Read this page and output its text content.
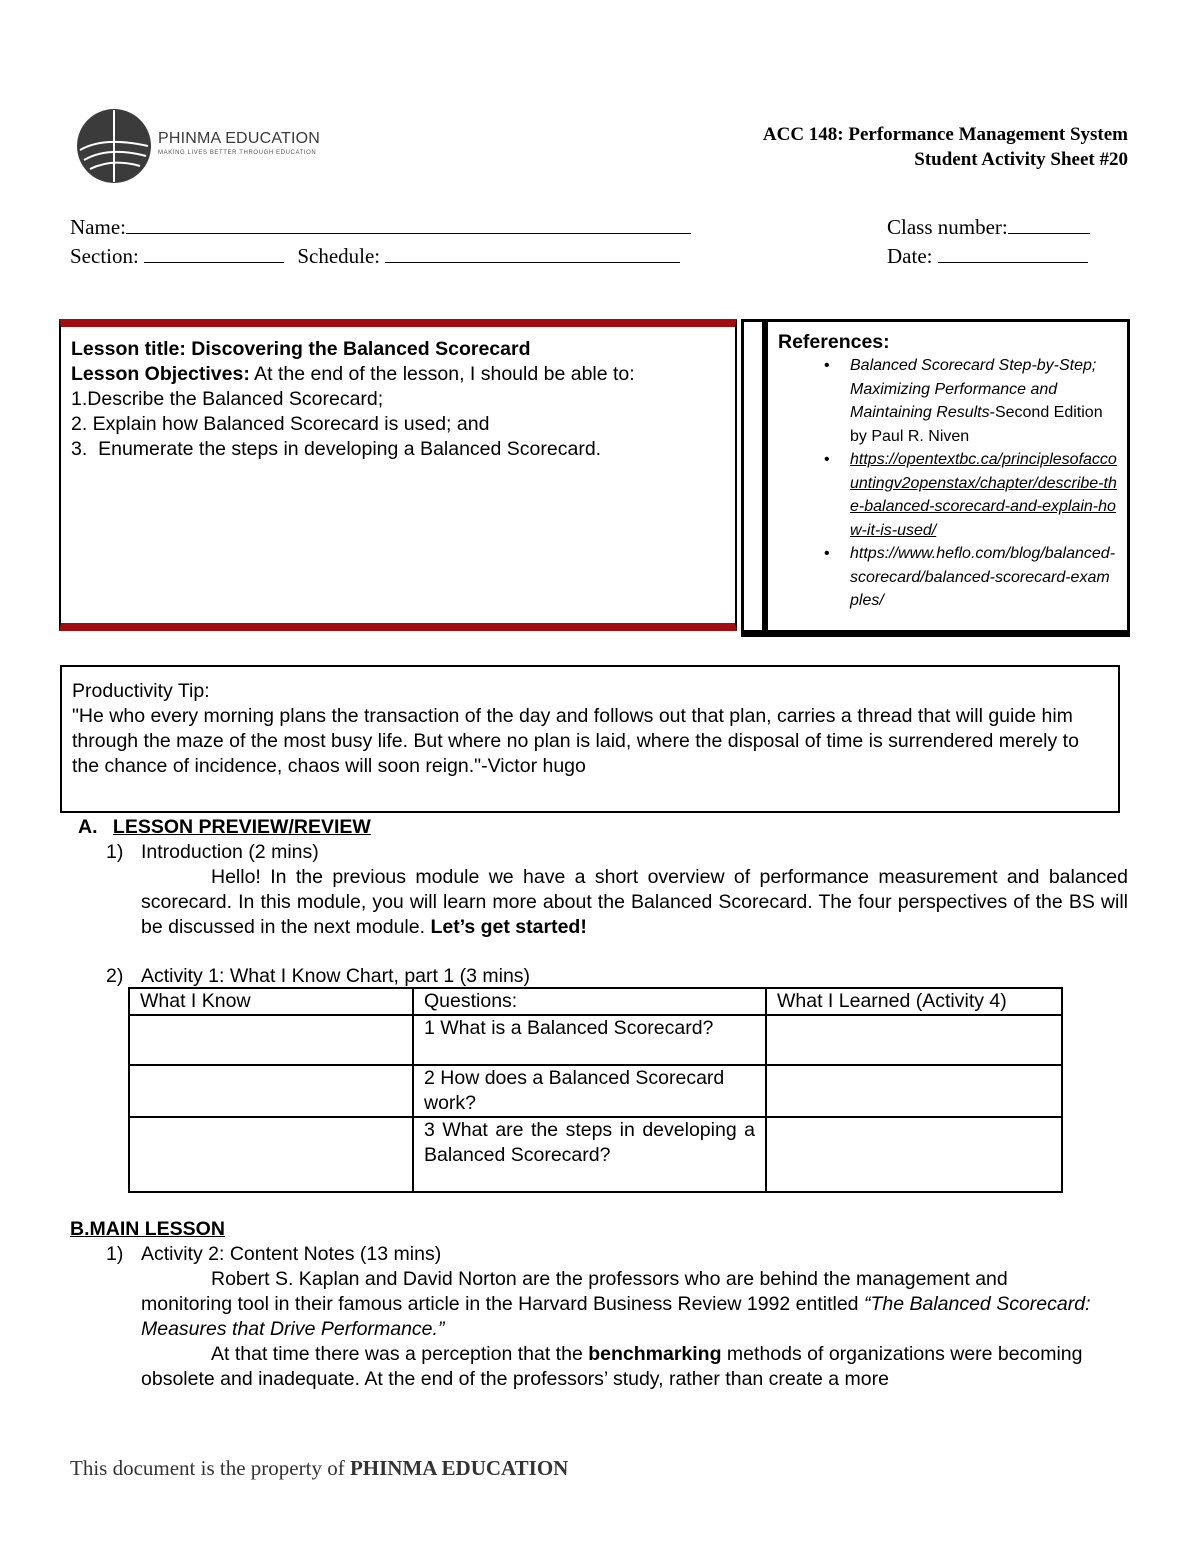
PHINMA EDUCATION
MAKING LIVES BETTER THROUGH EDUCATION
ACC 148: Performance Management System
Student Activity Sheet #20
Name:
Section:	Schedule:
Class number:
Date:
Lesson title: Discovering the Balanced Scorecard
Lesson Objectives: At the end of the lesson, I should be able to:
1.Describe the Balanced Scorecard;
2. Explain how Balanced Scorecard is used; and
3.  Enumerate the steps in developing a Balanced Scorecard.
References:
• Balanced Scorecard Step-by-Step; Maximizing Performance and Maintaining Results-Second Edition by Paul R. Niven
• https://opentextbc.ca/principlesofaccountingv2openstax/chapter/describe-the-balanced-scorecard-and-explain-how-it-is-used/
• https://www.heflo.com/blog/balanced-scorecard/balanced-scorecard-examples/
Productivity Tip:
"He who every morning plans the transaction of the day and follows out that plan, carries a thread that will guide him through the maze of the most busy life. But where no plan is laid, where the disposal of time is surrendered merely to the chance of incidence, chaos will soon reign."-Victor hugo
A. LESSON PREVIEW/REVIEW
1) Introduction (2 mins)
Hello! In the previous module we have a short overview of performance measurement and balanced scorecard. In this module, you will learn more about the Balanced Scorecard. The four perspectives of the BS will be discussed in the next module. Let’s get started!
2) Activity 1: What I Know Chart, part 1 (3 mins)
What I Know	Questions:	What I Learned (Activity 4)
	1 What is a Balanced Scorecard?	
	2 How does a Balanced Scorecard work?	
	3 What are the steps in developing a Balanced Scorecard?	
B.MAIN LESSON
1) Activity 2: Content Notes (13 mins)
Robert S. Kaplan and David Norton are the professors who are behind the management and monitoring tool in their famous article in the Harvard Business Review 1992 entitled “The Balanced Scorecard: Measures that Drive Performance.”
At that time there was a perception that the benchmarking methods of organizations were becoming obsolete and inadequate. At the end of the professors’ study, rather than create a more
This document is the property of PHINMA EDUCATION
